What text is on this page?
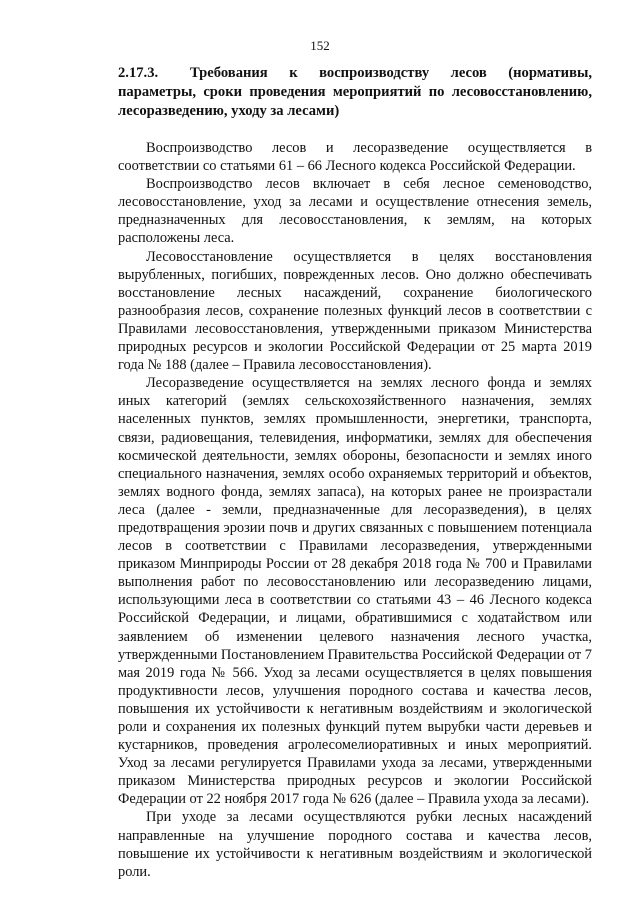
152
2.17.3. Требования к воспроизводству лесов (нормативы, параметры, сроки проведения мероприятий по лесовосстановлению, лесоразведению, уходу за лесами)

Воспроизводство лесов и лесоразведение осуществляется в соответствии со статьями 61 – 66 Лесного кодекса Российской Федерации.

Воспроизводство лесов включает в себя лесное семеноводство, лесовосстановление, уход за лесами и осуществление отнесения земель, предназначенных для лесовосстановления, к землям, на которых расположены леса.

Лесовосстановление осуществляется в целях восстановления вырубленных, погибших, поврежденных лесов. Оно должно обеспечивать восстановление лесных насаждений, сохранение биологического разнообразия лесов, сохранение полезных функций лесов в соответствии с Правилами лесовосстановления, утвержденными приказом Министерства природных ресурсов и экологии Российской Федерации от 25 марта 2019 года № 188 (далее – Правила лесовосстановления).

Лесоразведение осуществляется на землях лесного фонда и землях иных категорий (землях сельскохозяйственного назначения, землях населенных пунктов, землях промышленности, энергетики, транспорта, связи, радиовещания, телевидения, информатики, землях для обеспечения космической деятельности, землях обороны, безопасности и землях иного специального назначения, землях особо охраняемых территорий и объектов, землях водного фонда, землях запаса), на которых ранее не произрастали леса (далее - земли, предназначенные для лесоразведения), в целях предотвращения эрозии почв и других связанных с повышением потенциала лесов в соответствии с Правилами лесоразведения, утвержденными приказом Минприроды России от 28 декабря 2018 года № 700 и Правилами выполнения работ по лесовосстановлению или лесоразведению лицами, использующими леса в соответствии со статьями 43 – 46 Лесного кодекса Российской Федерации, и лицами, обратившимися с ходатайством или заявлением об изменении целевого назначения лесного участка, утвержденными Постановлением Правительства Российской Федерации от 7 мая 2019 года № 566. Уход за лесами осуществляется в целях повышения продуктивности лесов, улучшения породного состава и качества лесов, повышения их устойчивости к негативным воздействиям и экологической роли и сохранения их полезных функций путем вырубки части деревьев и кустарников, проведения агролесомелиоративных и иных мероприятий. Уход за лесами регулируется Правилами ухода за лесами, утвержденными приказом Министерства природных ресурсов и экологии Российской Федерации от 22 ноября 2017 года № 626 (далее – Правила ухода за лесами).

При уходе за лесами осуществляются рубки лесных насаждений направленные на улучшение породного состава и качества лесов, повышение их устойчивости к негативным воздействиям и экологической роли.
